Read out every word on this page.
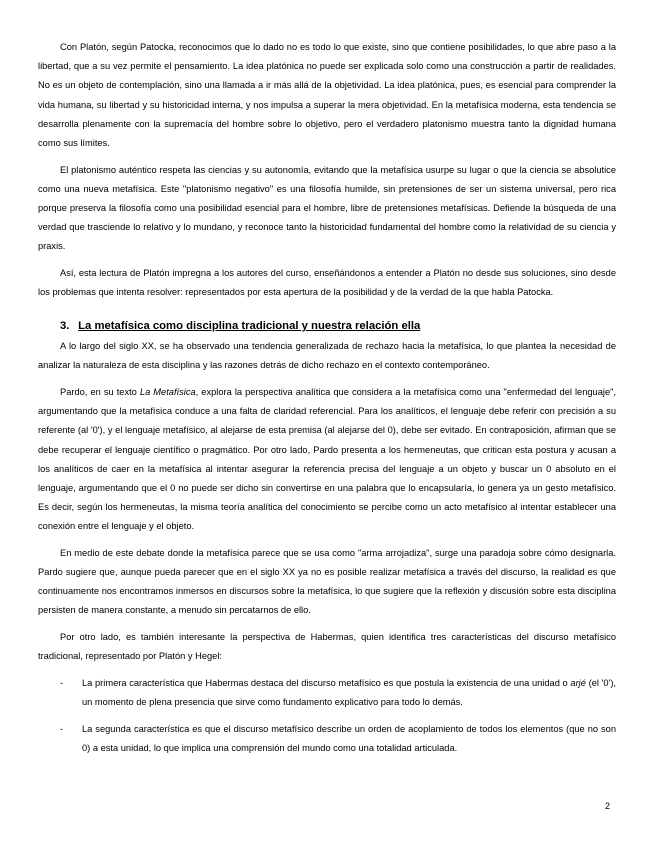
Con Platón, según Patocka, reconocimos que lo dado no es todo lo que existe, sino que contiene posibilidades, lo que abre paso a la libertad, que a su vez permite el pensamiento. La idea platónica no puede ser explicada solo como una construcción a partir de realidades. No es un objeto de contemplación, sino una llamada a ir más allá de la objetividad. La idea platónica, pues, es esencial para comprender la vida humana, su libertad y su historicidad interna, y nos impulsa a superar la mera objetividad. En la metafísica moderna, esta tendencia se desarrolla plenamente con la supremacía del hombre sobre lo objetivo, pero el verdadero platonismo muestra tanto la dignidad humana como sus límites.

El platonismo auténtico respeta las ciencias y su autonomía, evitando que la metafísica usurpe su lugar o que la ciencia se absolutice como una nueva metafísica. Este "platonismo negativo" es una filosofía humilde, sin pretensiones de ser un sistema universal, pero rica porque preserva la filosofía como una posibilidad esencial para el hombre, libre de pretensiones metafísicas. Defiende la búsqueda de una verdad que trasciende lo relativo y lo mundano, y reconoce tanto la historicidad fundamental del hombre como la relatividad de su ciencia y praxis.

Así, esta lectura de Platón impregna a los autores del curso, enseñándonos a entender a Platón no desde sus soluciones, sino desde los problemas que intenta resolver: representados por esta apertura de la posibilidad y de la verdad de la que habla Patocka.

3. La metafísica como disciplina tradicional y nuestra relación ella

A lo largo del siglo XX, se ha observado una tendencia generalizada de rechazo hacia la metafísica, lo que plantea la necesidad de analizar la naturaleza de esta disciplina y las razones detrás de dicho rechazo en el contexto contemporáneo.

Pardo, en su texto La Metafísica, explora la perspectiva analítica que considera a la metafísica como una "enfermedad del lenguaje", argumentando que la metafísica conduce a una falta de claridad referencial. Para los analíticos, el lenguaje debe referir con precisión a su referente (al '0'), y el lenguaje metafísico, al alejarse de esta premisa (al alejarse del 0), debe ser evitado. En contraposición, afirman que se debe recuperar el lenguaje científico o pragmático. Por otro lado, Pardo presenta a los hermeneutas, que critican esta postura y acusan a los analíticos de caer en la metafísica al intentar asegurar la referencia precisa del lenguaje a un objeto y buscar un 0 absoluto en el lenguaje, argumentando que el 0 no puede ser dicho sin convertirse en una palabra que lo encapsularía, lo genera ya un gesto metafísico. Es decir, según los hermeneutas, la misma teoría analítica del conocimiento se percibe como un acto metafísico al intentar establecer una conexión entre el lenguaje y el objeto.

En medio de este debate donde la metafísica parece que se usa como "arma arrojadiza", surge una paradoja sobre cómo designarla. Pardo sugiere que, aunque pueda parecer que en el siglo XX ya no es posible realizar metafísica a través del discurso, la realidad es que continuamente nos encontramos inmersos en discursos sobre la metafísica, lo que sugiere que la reflexión y discusión sobre esta disciplina persisten de manera constante, a menudo sin percatarnos de ello.

Por otro lado, es también interesante la perspectiva de Habermas, quien identifica tres características del discurso metafísico tradicional, representado por Platón y Hegel:

- La primera característica que Habermas destaca del discurso metafísico es que postula la existencia de una unidad o arjé (el '0'), un momento de plena presencia que sirve como fundamento explicativo para todo lo demás.
- La segunda característica es que el discurso metafísico describe un orden de acoplamiento de todos los elementos (que no son 0) a esta unidad, lo que implica una comprensión del mundo como una totalidad articulada.
2
